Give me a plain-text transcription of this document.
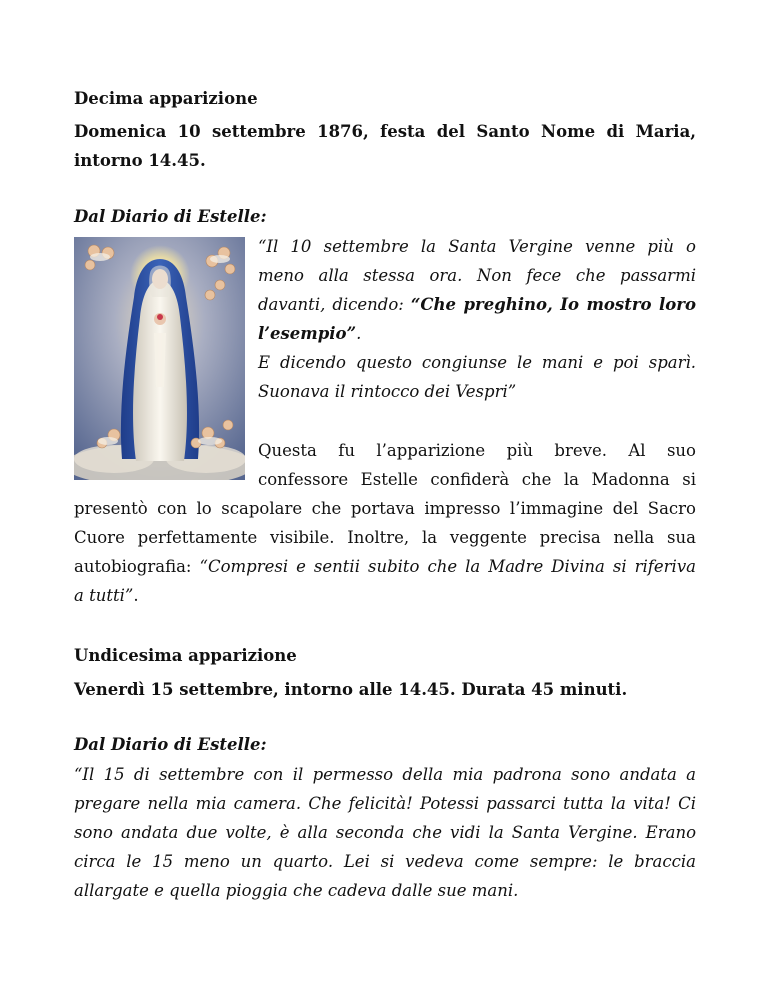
Decima apparizione
Domenica 10 settembre 1876, festa del Santo Nome di Maria,
intorno 14.45.
Dal Diario di Estelle:
“Il 10 settembre la Santa Vergine venne più o
meno alla stessa ora. Non fece che passarmi
davanti, dicendo: “Che preghino, Io mostro loro
l’esempio”.
E dicendo questo congiunse le mani e poi sparì.
Suonava il rintocco dei Vespri”
Questa fu l’apparizione più breve. Al suo
confessore Estelle confiderà che la Madonna si
presentò con lo scapolare che portava impresso l’immagine del Sacro
Cuore perfettamente visibile. Inoltre, la veggente precisa nella sua
autobiografia: “Compresi e sentii subito che la Madre Divina si riferiva
a tutti”.
Undicesima apparizione
Venerdì 15 settembre, intorno alle 14.45. Durata 45 minuti.
Dal Diario di Estelle:
“Il 15 di settembre con il permesso della mia padrona sono andata a
pregare nella mia camera. Che felicità! Potessi passarci tutta la vita! Ci
sono andata due volte, è alla seconda che vidi la Santa Vergine. Erano
circa le 15 meno un quarto. Lei si vedeva come sempre: le braccia
allargate e quella pioggia che cadeva dalle sue mani.
